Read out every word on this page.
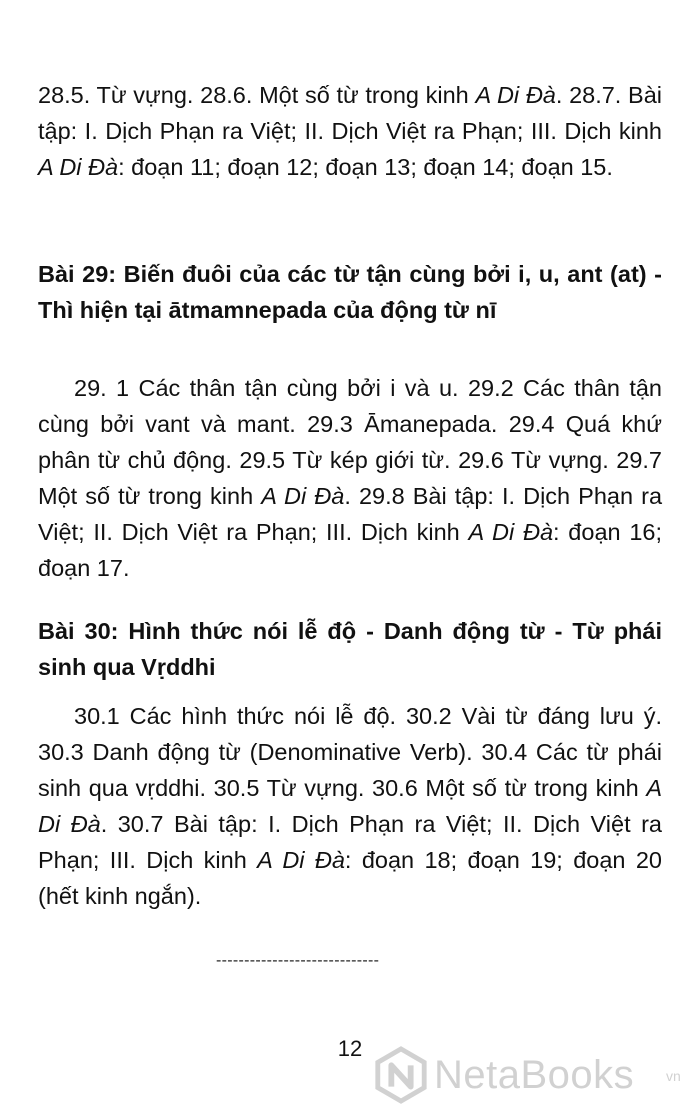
28.5. Từ vựng. 28.6. Một số từ trong kinh A Di Đà. 28.7. Bài tập: I. Dịch Phạn ra Việt; II. Dịch Việt ra Phạn; III. Dịch kinh A Di Đà: đoạn 11; đoạn 12; đoạn 13; đoạn 14; đoạn 15.

Bài 29: Biến đuôi của các từ tận cùng bởi i, u, ant (at) - Thì hiện tại ātmamnepada của động từ nī

29. 1 Các thân tận cùng bởi i và u. 29.2 Các thân tận cùng bởi vant và mant. 29.3 Āmanepada. 29.4 Quá khứ phân từ chủ động. 29.5 Từ kép giới từ. 29.6 Từ vựng. 29.7 Một số từ trong kinh A Di Đà. 29.8 Bài tập: I. Dịch Phạn ra Việt; II. Dịch Việt ra Phạn; III. Dịch kinh A Di Đà: đoạn 16; đoạn 17.

Bài 30: Hình thức nói lễ độ - Danh động từ - Từ phái sinh qua Vṛddhi

30.1 Các hình thức nói lễ độ. 30.2 Vài từ đáng lưu ý. 30.3 Danh động từ (Denominative Verb). 30.4 Các từ phái sinh qua vṛddhi. 30.5 Từ vựng. 30.6 Một số từ trong kinh A Di Đà. 30.7 Bài tập: I. Dịch Phạn ra Việt; II. Dịch Việt ra Phạn; III. Dịch kinh A Di Đà: đoạn 18; đoạn 19; đoạn 20 (hết kinh ngắn).

-----------------------------
12
NetaBooks vn
